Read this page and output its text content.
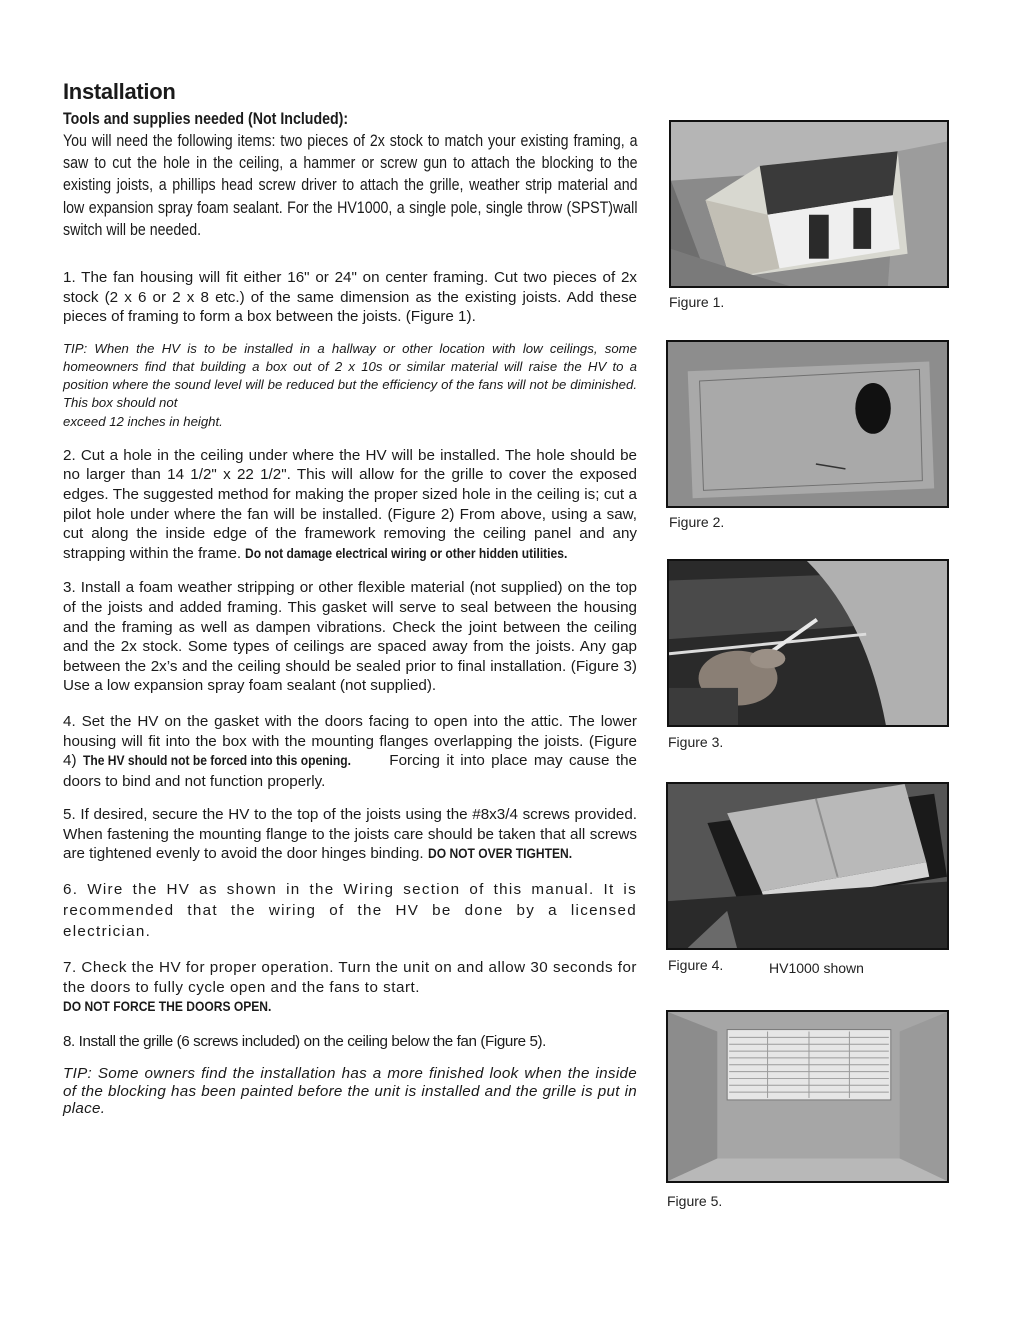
Installation
Tools and supplies needed (Not Included):

You will need the following items: two pieces of 2x stock to match your existing framing, a saw to cut the hole in the ceiling, a hammer or screw gun to attach the blocking to the existing joists, a phillips head screw driver to attach the grille, weather strip material and low expansion spray foam sealant. For the HV1000, a single pole, single throw (SPST)wall switch will be needed.

1. The fan housing will fit either 16" or 24" on center framing. Cut two pieces of 2x stock (2 x 6 or 2 x 8 etc.) of the same dimension as the existing joists. Add these pieces of framing to form a box between the joists. (Figure 1).

TIP: When the HV is to be installed in a hallway or other location with low ceilings, some homeowners find that building a box out of 2 x 10s or similar material will raise the HV to a position where the sound level will be reduced but the efficiency of the fans will not be diminished. This box should not

exceed 12 inches in height.

2. Cut a hole in the ceiling under where the HV will be installed. The hole should be no larger than 14 1/2" x 22 1/2". This will allow for the grille to cover the exposed edges. The suggested method for making the proper sized hole in the ceiling is; cut a pilot hole under where the fan will be installed. (Figure 2) From above, using a saw, cut along the inside edge of the framework removing the ceiling panel and any strapping within the frame. Do not damage electrical wiring or other hidden utilities.

3. Install a foam weather stripping or other flexible material (not supplied) on the top of the joists and added framing. This gasket will serve to seal between the housing and the framing as well as dampen vibrations. Check the joint between the ceiling and the 2x stock. Some types of ceilings are spaced away from the joists. Any gap between the 2x’s and the ceiling should be sealed prior to final installation. (Figure 3) Use a low expansion spray foam sealant (not supplied).

4. Set the HV on the gasket with the doors facing to open into the attic. The lower housing will fit into the box with the mounting flanges overlapping the joists. (Figure 4) The HV should not be forced into this opening.	Forcing it into place may cause the doors to bind and not function properly.

5. If desired, secure the HV to the top of the joists using the #8x3/4 screws provided. When fastening the mounting flange to the joists care should be taken that all screws are tightened evenly to avoid the door hinges binding. DO NOT OVER TIGHTEN.

6. Wire the HV as shown in the Wiring section of this manual. It is recommended that the wiring of the HV be done by a licensed electrician.

7. Check the HV for proper operation. Turn the unit on and allow 30 seconds for the doors to fully cycle open and the fans to start.

DO NOT FORCE THE DOORS OPEN.

8. Install the grille (6 screws included) on the ceiling below the fan (Figure 5).

TIP: Some owners find the installation has a more finished look when the inside of the blocking has been painted before the unit is installed and the grille is put in place.

Figure 1.
Figure 2.
Figure 3.
Figure 4.	HV1000 shown
Figure 5.
